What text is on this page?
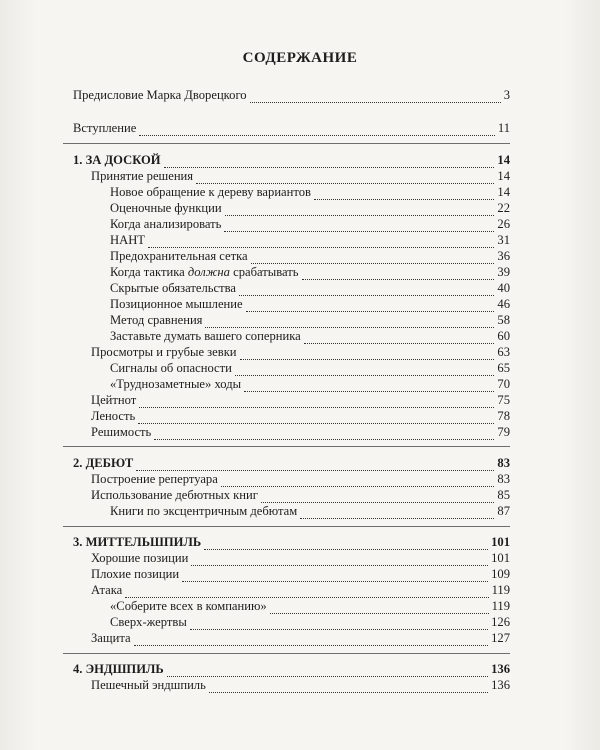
СОДЕРЖАНИЕ
Предисловие Марка Дворецкого	3
Вступление	11
1. ЗА ДОСКОЙ	14
Принятие решения	14
Новое обращение к дереву вариантов	14
Оценочные функции	22
Когда анализировать	26
НАНТ	31
Предохранительная сетка	36
Когда тактика должна срабатывать	39
Скрытые обязательства	40
Позиционное мышление	46
Метод сравнения	58
Заставьте думать вашего соперника	60
Просмотры и грубые зевки	63
Сигналы об опасности	65
«Труднозаметные» ходы	70
Цейтнот	75
Леность	78
Решимость	79
2. ДЕБЮТ	83
Построение репертуара	83
Использование дебютных книг	85
Книги по эксцентричным дебютам	87
3. МИТТЕЛЬШПИЛЬ	101
Хорошие позиции	101
Плохие позиции	109
Атака	119
«Соберите всех в компанию»	119
Сверх-жертвы	126
Защита	127
4. ЭНДШПИЛЬ	136
Пешечный эндшпиль	136
